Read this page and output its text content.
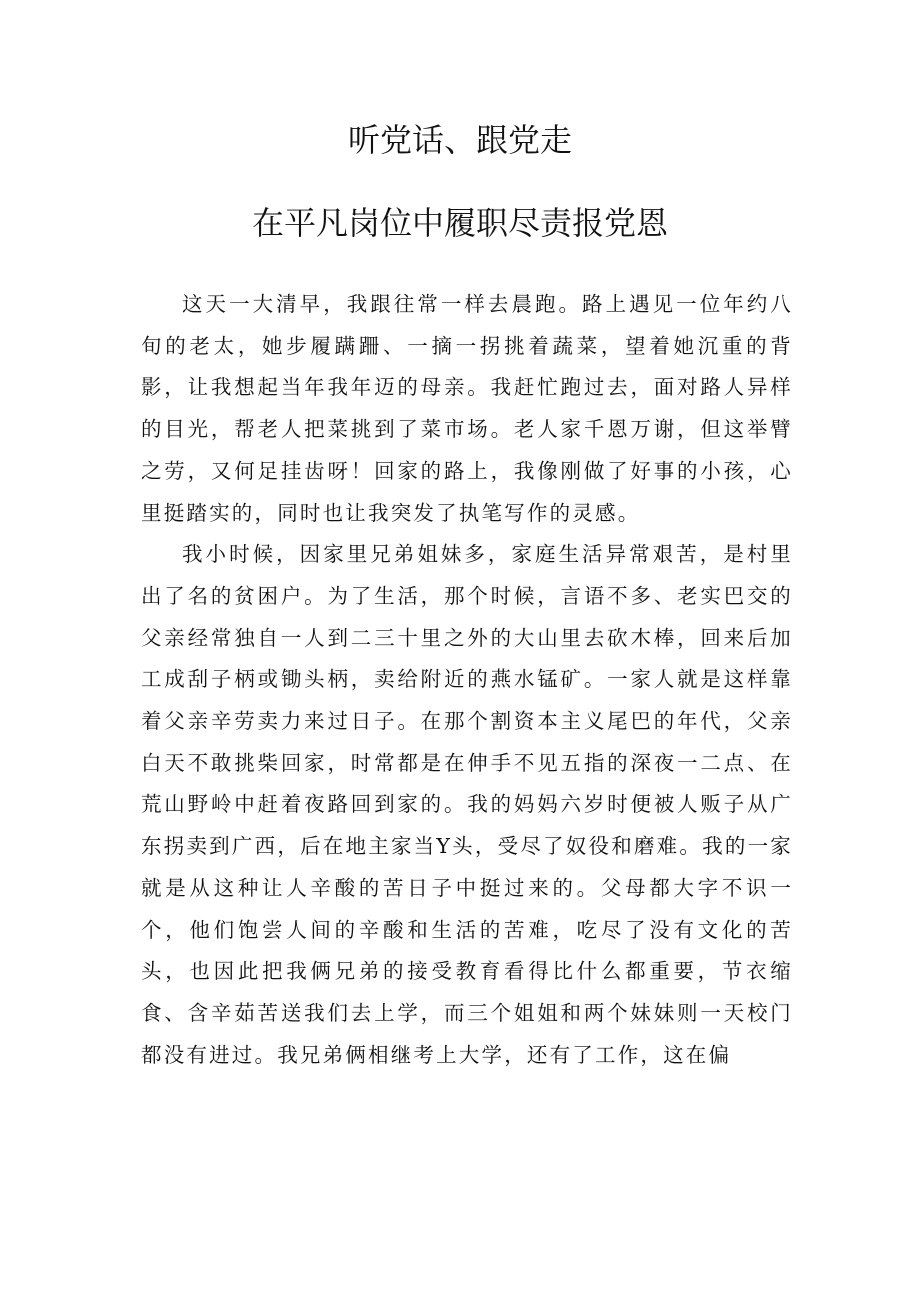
听党话、跟党走
在平凡岗位中履职尽责报党恩

这天一大清早，我跟往常一样去晨跑。路上遇见一位年约八旬的老太，她步履蹒跚、一摘一拐挑着蔬菜，望着她沉重的背影，让我想起当年我年迈的母亲。我赶忙跑过去，面对路人异样的目光，帮老人把菜挑到了菜市场。老人家千恩万谢，但这举臂之劳，又何足挂齿呀！回家的路上，我像刚做了好事的小孩，心里挺踏实的，同时也让我突发了执笔写作的灵感。

我小时候，因家里兄弟姐妹多，家庭生活异常艰苦，是村里出了名的贫困户。为了生活，那个时候，言语不多、老实巴交的父亲经常独自一人到二三十里之外的大山里去砍木棒，回来后加工成刮子柄或锄头柄，卖给附近的燕水锰矿。一家人就是这样靠着父亲辛劳卖力来过日子。在那个割资本主义尾巴的年代，父亲白天不敢挑柴回家，时常都是在伸手不见五指的深夜一二点、在荒山野岭中赶着夜路回到家的。我的妈妈六岁时便被人贩子从广东拐卖到广西，后在地主家当Y头，受尽了奴役和磨难。我的一家就是从这种让人辛酸的苦日子中挺过来的。父母都大字不识一个，他们饱尝人间的辛酸和生活的苦难，吃尽了没有文化的苦头，也因此把我俩兄弟的接受教育看得比什么都重要，节衣缩食、含辛茹苦送我们去上学，而三个姐姐和两个妹妹则一天校门都没有进过。我兄弟俩相继考上大学，还有了工作，这在偏
